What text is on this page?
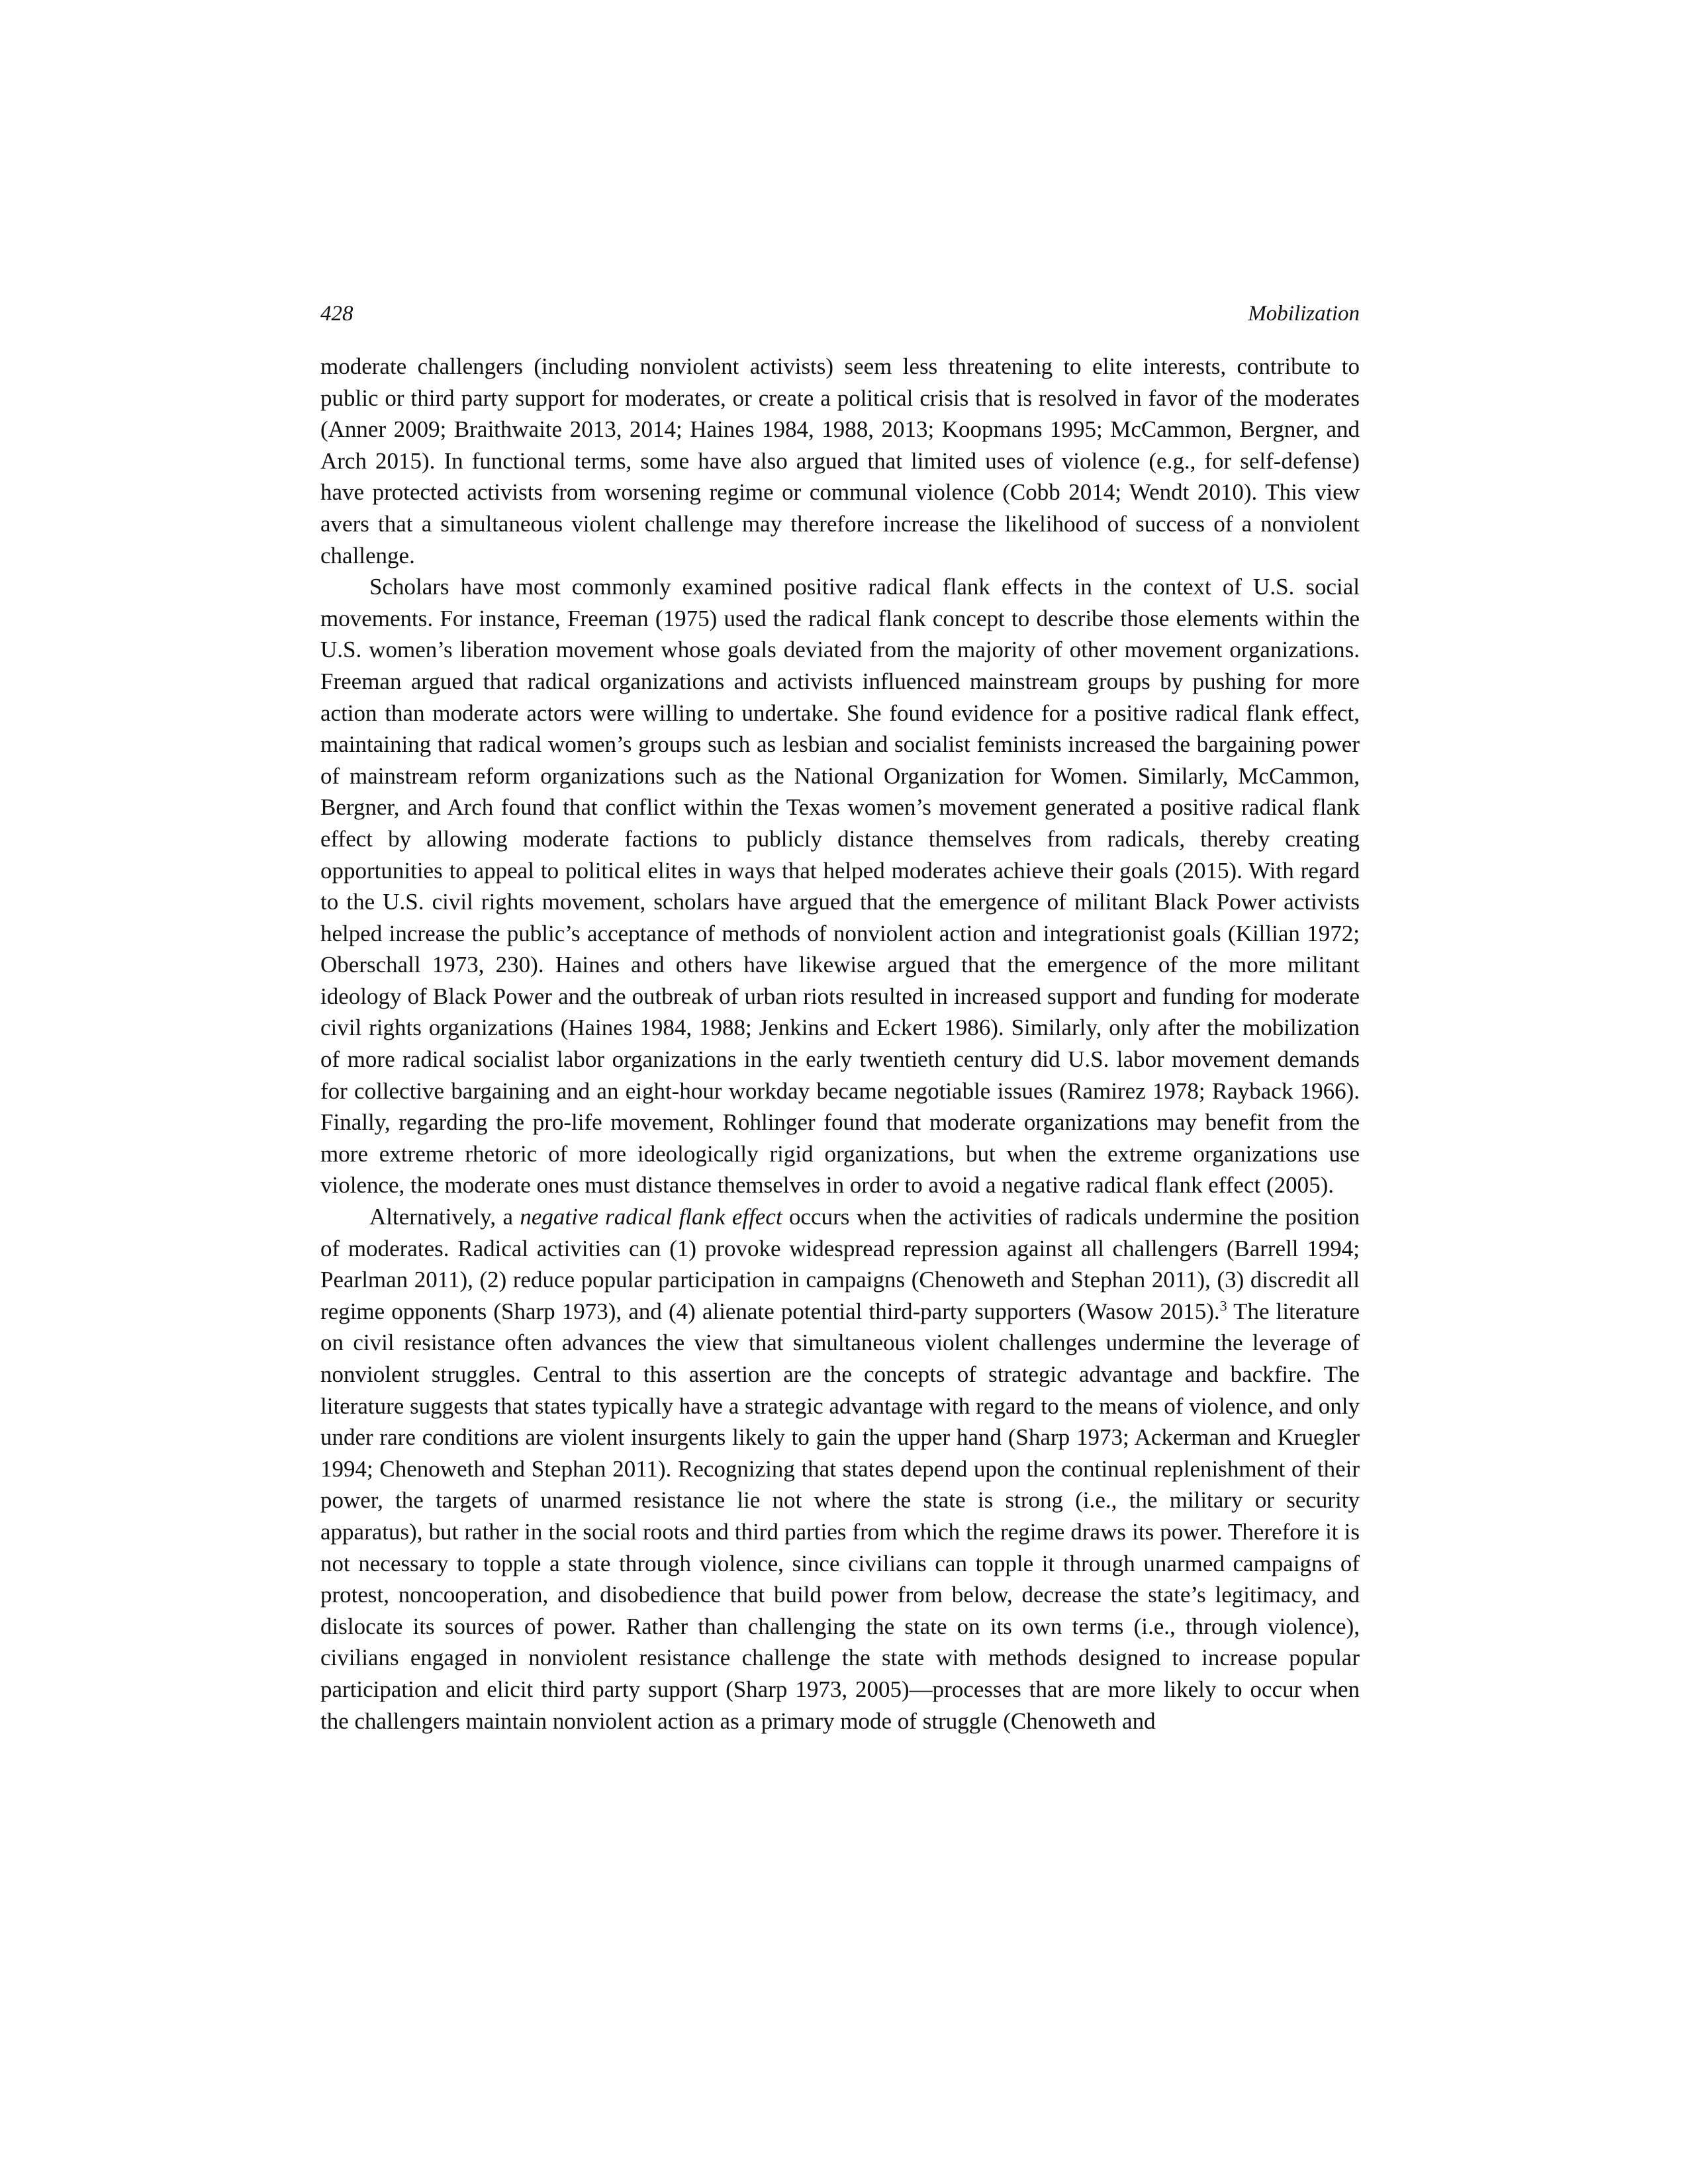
428	Mobilization

moderate challengers (including nonviolent activists) seem less threatening to elite interests, contribute to public or third party support for moderates, or create a political crisis that is resolved in favor of the moderates (Anner 2009; Braithwaite 2013, 2014; Haines 1984, 1988, 2013; Koopmans 1995; McCammon, Bergner, and Arch 2015). In functional terms, some have also argued that limited uses of violence (e.g., for self-defense) have protected activists from worsening regime or communal violence (Cobb 2014; Wendt 2010). This view avers that a simultaneous violent challenge may therefore increase the likelihood of success of a nonviolent challenge.

Scholars have most commonly examined positive radical flank effects in the context of U.S. social movements. For instance, Freeman (1975) used the radical flank concept to describe those elements within the U.S. women’s liberation movement whose goals deviated from the majority of other movement organizations. Freeman argued that radical organizations and activists influenced mainstream groups by pushing for more action than moderate actors were willing to undertake. She found evidence for a positive radical flank effect, maintaining that radical women’s groups such as lesbian and socialist feminists increased the bargaining power of mainstream reform organizations such as the National Organization for Women. Similarly, McCammon, Bergner, and Arch found that conflict within the Texas women’s movement generated a positive radical flank effect by allowing moderate factions to publicly distance themselves from radicals, thereby creating opportunities to appeal to political elites in ways that helped moderates achieve their goals (2015). With regard to the U.S. civil rights movement, scholars have argued that the emergence of militant Black Power activists helped increase the public’s acceptance of methods of nonviolent action and integrationist goals (Killian 1972; Oberschall 1973, 230). Haines and others have likewise argued that the emergence of the more militant ideology of Black Power and the outbreak of urban riots resulted in increased support and funding for moderate civil rights organizations (Haines 1984, 1988; Jenkins and Eckert 1986). Similarly, only after the mobilization of more radical socialist labor organizations in the early twentieth century did U.S. labor movement demands for collective bargaining and an eight-hour workday became negotiable issues (Ramirez 1978; Rayback 1966). Finally, regarding the pro-life movement, Rohlinger found that moderate organizations may benefit from the more extreme rhetoric of more ideologically rigid organizations, but when the extreme organizations use violence, the moderate ones must distance themselves in order to avoid a negative radical flank effect (2005).

Alternatively, a negative radical flank effect occurs when the activities of radicals undermine the position of moderates. Radical activities can (1) provoke widespread repression against all challengers (Barrell 1994; Pearlman 2011), (2) reduce popular participation in campaigns (Chenoweth and Stephan 2011), (3) discredit all regime opponents (Sharp 1973), and (4) alienate potential third-party supporters (Wasow 2015).$^3$ The literature on civil resistance often advances the view that simultaneous violent challenges undermine the leverage of nonviolent struggles. Central to this assertion are the concepts of strategic advantage and backfire. The literature suggests that states typically have a strategic advantage with regard to the means of violence, and only under rare conditions are violent insurgents likely to gain the upper hand (Sharp 1973; Ackerman and Kruegler 1994; Chenoweth and Stephan 2011). Recognizing that states depend upon the continual replenishment of their power, the targets of unarmed resistance lie not where the state is strong (i.e., the military or security apparatus), but rather in the social roots and third parties from which the regime draws its power. Therefore it is not necessary to topple a state through violence, since civilians can topple it through unarmed campaigns of protest, noncooperation, and disobedience that build power from below, decrease the state’s legitimacy, and dislocate its sources of power. Rather than challenging the state on its own terms (i.e., through violence), civilians engaged in nonviolent resistance challenge the state with methods designed to increase popular participation and elicit third party support (Sharp 1973, 2005)—processes that are more likely to occur when the challengers maintain nonviolent action as a primary mode of struggle (Chenoweth and
